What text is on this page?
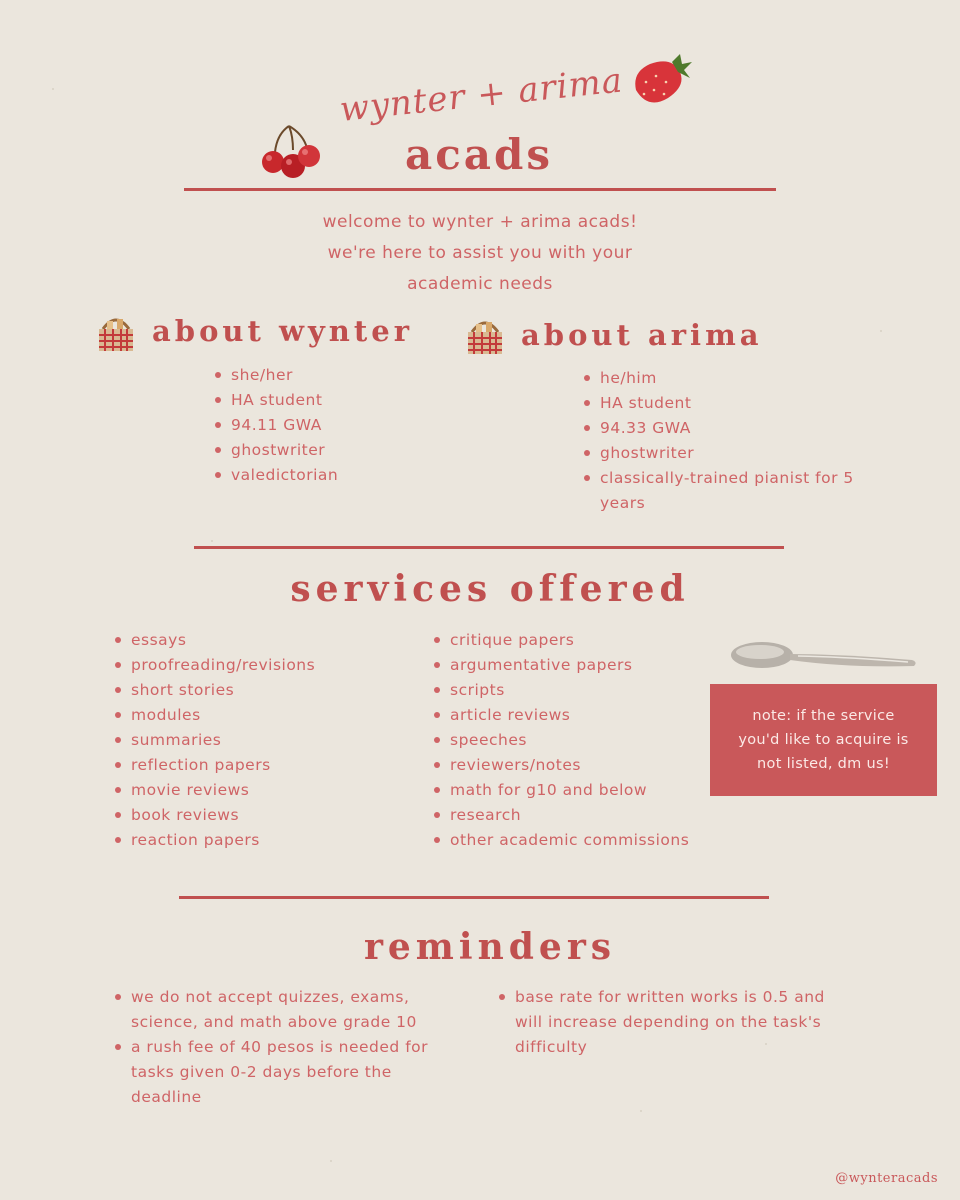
wynter + arima
acads
welcome to wynter + arima acads!
we're here to assist you with your
academic needs
about wynter
she/her
HA student
94.11 GWA
ghostwriter
valedictorian
about arima
he/him
HA student
94.33 GWA
ghostwriter
classically-trained pianist for 5 years
services offered
essays
proofreading/revisions
short stories
modules
summaries
reflection papers
movie reviews
book reviews
reaction papers
critique papers
argumentative papers
scripts
article reviews
speeches
reviewers/notes
math for g10 and below
research
other academic commissions
note: if the service you'd like to acquire is not listed, dm us!
reminders
we do not accept quizzes, exams, science, and math above grade 10
a rush fee of 40 pesos is needed for tasks given 0-2 days before the deadline
base rate for written works is 0.5 and will increase depending on the task's difficulty
@wynteracads
